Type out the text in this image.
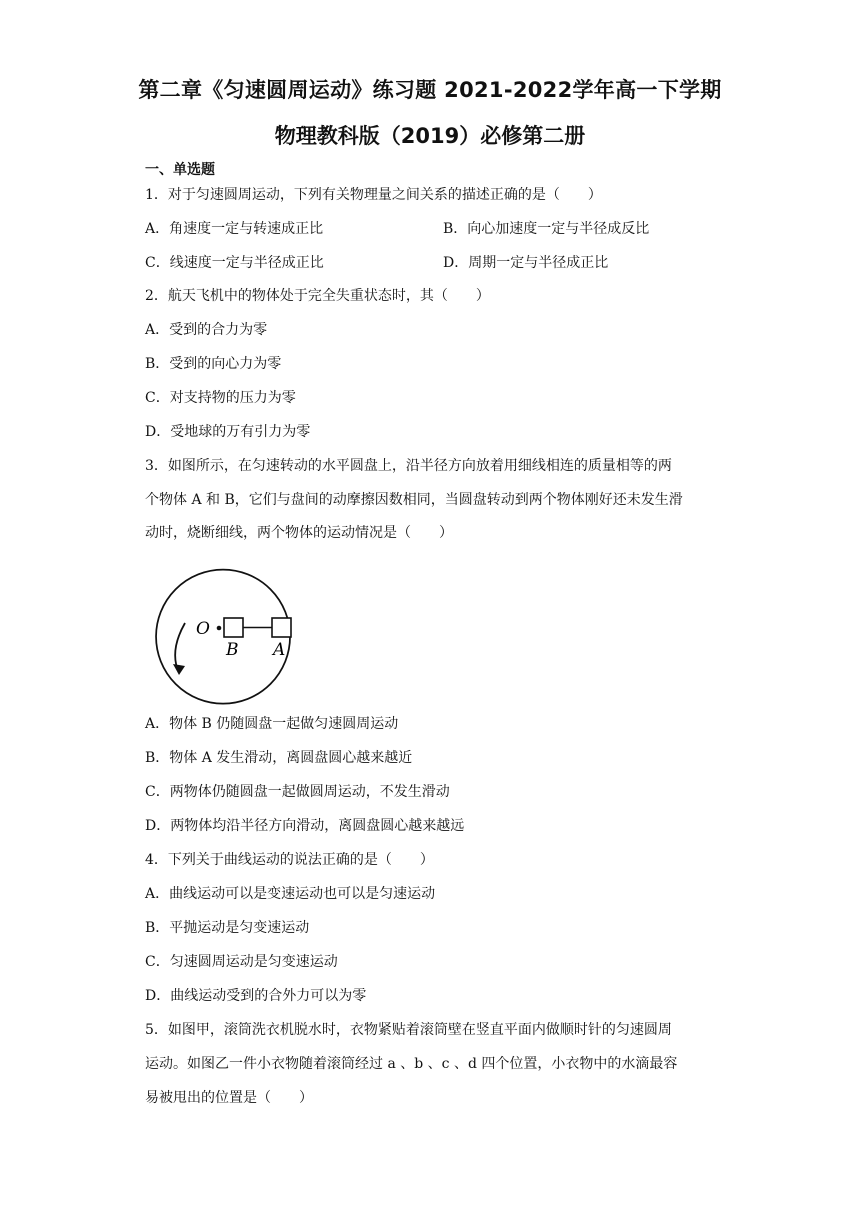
第二章《匀速圆周运动》练习题 2021-2022学年高一下学期
物理教科版（2019）必修第二册
一、单选题
1．对于匀速圆周运动，下列有关物理量之间关系的描述正确的是（　　）
A．角速度一定与转速成正比	B．向心加速度一定与半径成反比
C．线速度一定与半径成正比	D．周期一定与半径成正比
2．航天飞机中的物体处于完全失重状态时，其（　　）
A．受到的合力为零
B．受到的向心力为零
C．对支持物的压力为零
D．受地球的万有引力为零
3．如图所示，在匀速转动的水平圆盘上，沿半径方向放着用细线相连的质量相等的两
个物体 A 和 B，它们与盘间的动摩擦因数相同，当圆盘转动到两个物体刚好还未发生滑
动时，烧断细线，两个物体的运动情况是（　　）
O
B A
A．物体 B 仍随圆盘一起做匀速圆周运动
B．物体 A 发生滑动，离圆盘圆心越来越近
C．两物体仍随圆盘一起做圆周运动，不发生滑动
D．两物体均沿半径方向滑动，离圆盘圆心越来越远
4．下列关于曲线运动的说法正确的是（　　）
A．曲线运动可以是变速运动也可以是匀速运动
B．平抛运动是匀变速运动
C．匀速圆周运动是匀变速运动
D．曲线运动受到的合外力可以为零
5．如图甲，滚筒洗衣机脱水时，衣物紧贴着滚筒壁在竖直平面内做顺时针的匀速圆周
运动。如图乙一件小衣物随着滚筒经过 a 、b 、c 、d 四个位置，小衣物中的水滴最容
易被甩出的位置是（　　）
